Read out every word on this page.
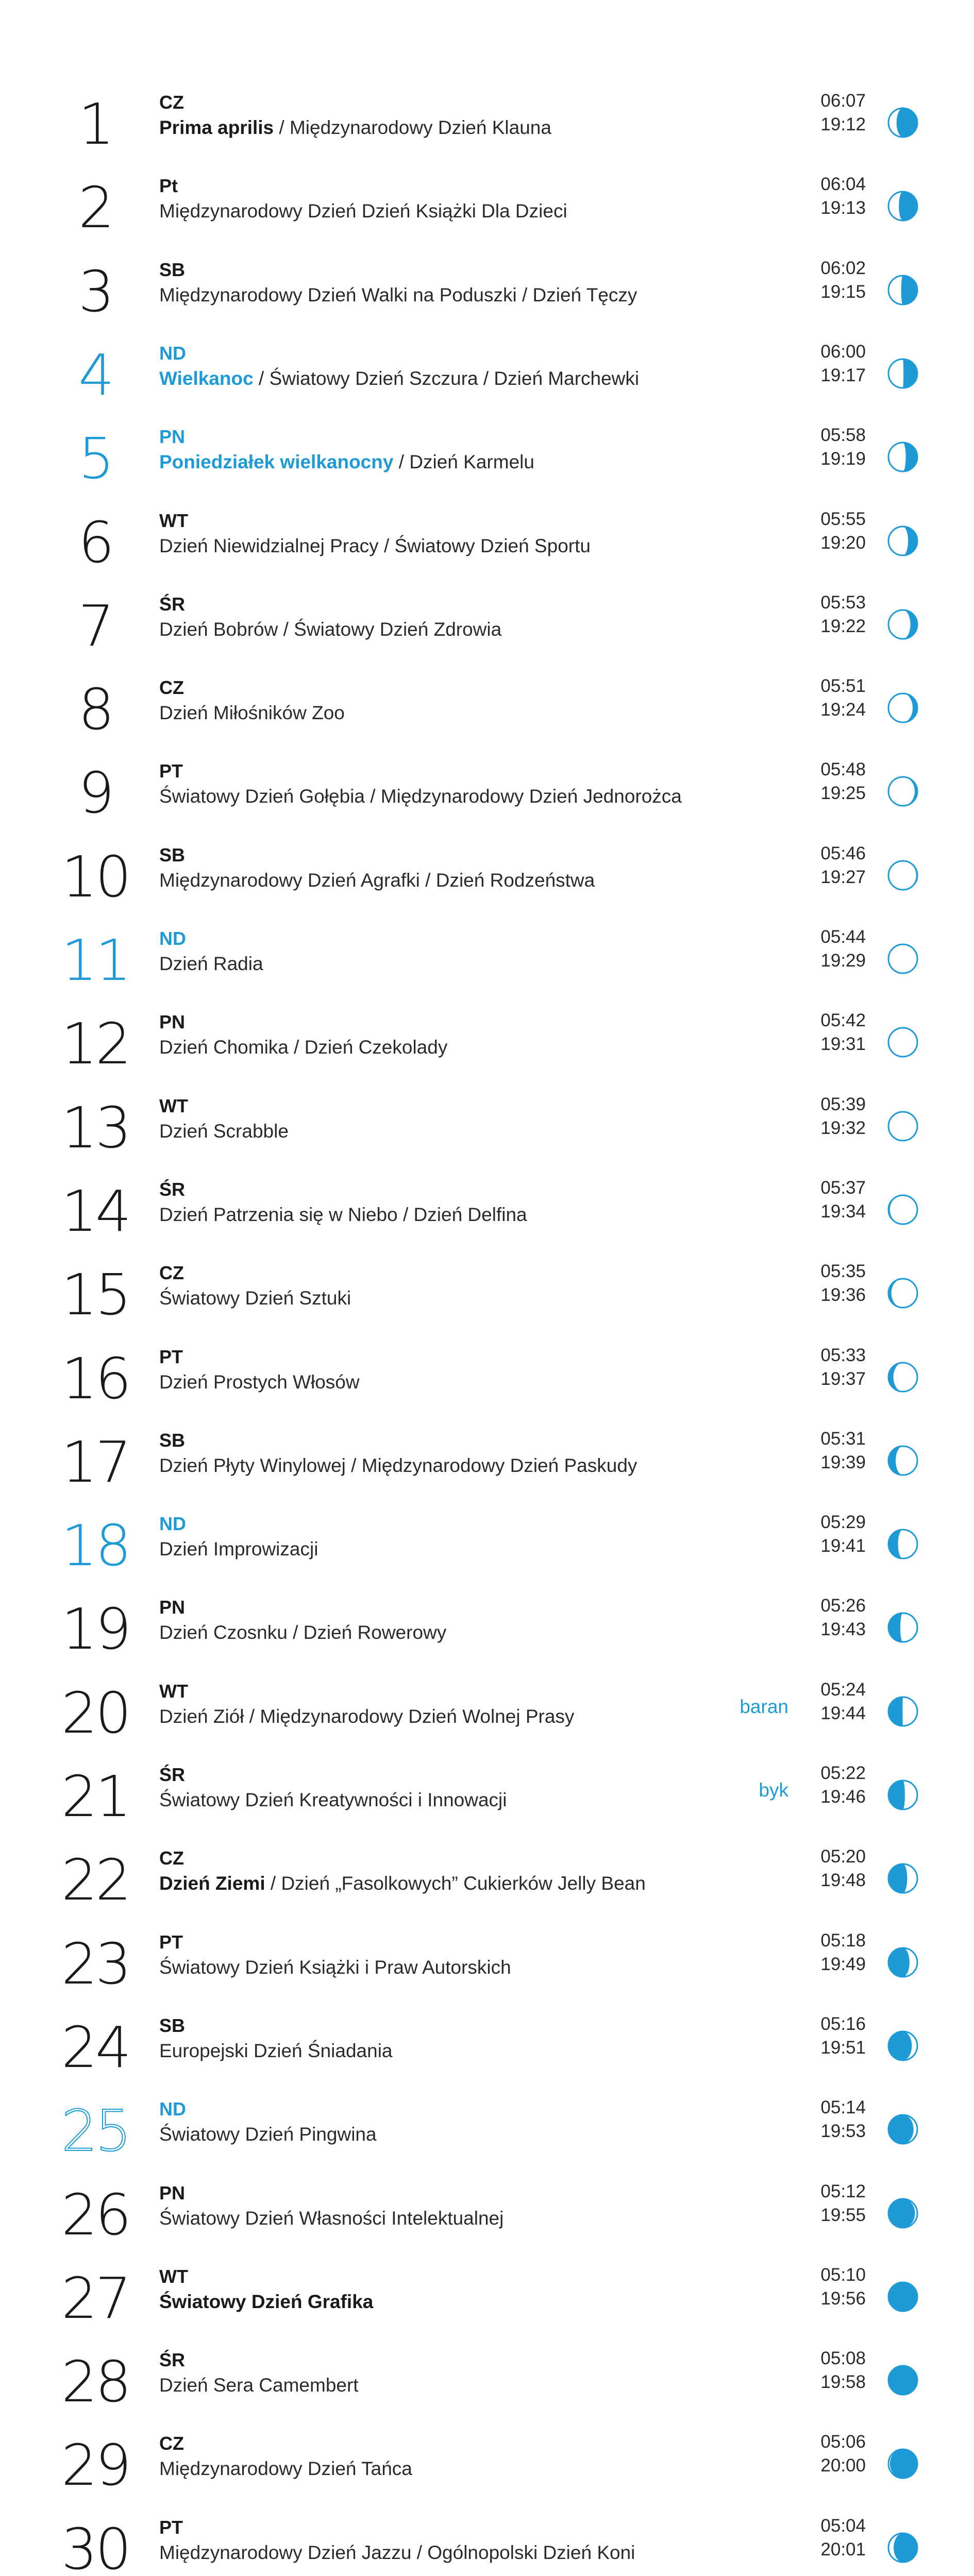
1	CZ
Prima aprilis / Międzynarodowy Dzień Klauna
06:07
19:12
2	Pt
Międzynarodowy Dzień Dzień Książki Dla Dzieci
06:04
19:13
3	SB
Międzynarodowy Dzień Walki na Poduszki / Dzień Tęczy
06:02
19:15
4	ND
Wielkanoc / Światowy Dzień Szczura / Dzień Marchewki
06:00
19:17
5	PN
Poniedziałek wielkanocny / Dzień Karmelu
05:58
19:19
6	WT
Dzień Niewidzialnej Pracy / Światowy Dzień Sportu
05:55
19:20
7	ŚR
Dzień Bobrów / Światowy Dzień Zdrowia
05:53
19:22
8	CZ
Dzień Miłośników Zoo
05:51
19:24
9	PT
Światowy Dzień Gołębia / Międzynarodowy Dzień Jednorożca
05:48
19:25
10	SB
Międzynarodowy Dzień Agrafki / Dzień Rodzeństwa
05:46
19:27
11	ND
Dzień Radia
05:44
19:29
12	PN
Dzień Chomika / Dzień Czekolady
05:42
19:31
13	WT
Dzień Scrabble
05:39
19:32
14	ŚR
Dzień Patrzenia się w Niebo / Dzień Delfina
05:37
19:34
15	CZ
Światowy Dzień Sztuki
05:35
19:36
16	PT
Dzień Prostych Włosów
05:33
19:37
17	SB
Dzień Płyty Winylowej / Międzynarodowy Dzień Paskudy
05:31
19:39
18	ND
Dzień Improwizacji
05:29
19:41
19	PN
Dzień Czosnku / Dzień Rowerowy
05:26
19:43
20	WT
Dzień Ziół / Międzynarodowy Dzień Wolnej Prasy	baran
05:24
19:44
21	ŚR
Światowy Dzień Kreatywności i Innowacji	byk
05:22
19:46
22	CZ
Dzień Ziemi / Dzień „Fasolkowych” Cukierków Jelly Bean
05:20
19:48
23	PT
Światowy Dzień Książki i Praw Autorskich
05:18
19:49
24	SB
Europejski Dzień Śniadania
05:16
19:51
25	ND
Światowy Dzień Pingwina
05:14
19:53
26	PN
Światowy Dzień Własności Intelektualnej
05:12
19:55
27	WT
Światowy Dzień Grafika
05:10
19:56
28	ŚR
Dzień Sera Camembert
05:08
19:58
29	CZ
Międzynarodowy Dzień Tańca
05:06
20:00
30	PT
Międzynarodowy Dzień Jazzu / Ogólnopolski Dzień Koni
05:04
20:01
